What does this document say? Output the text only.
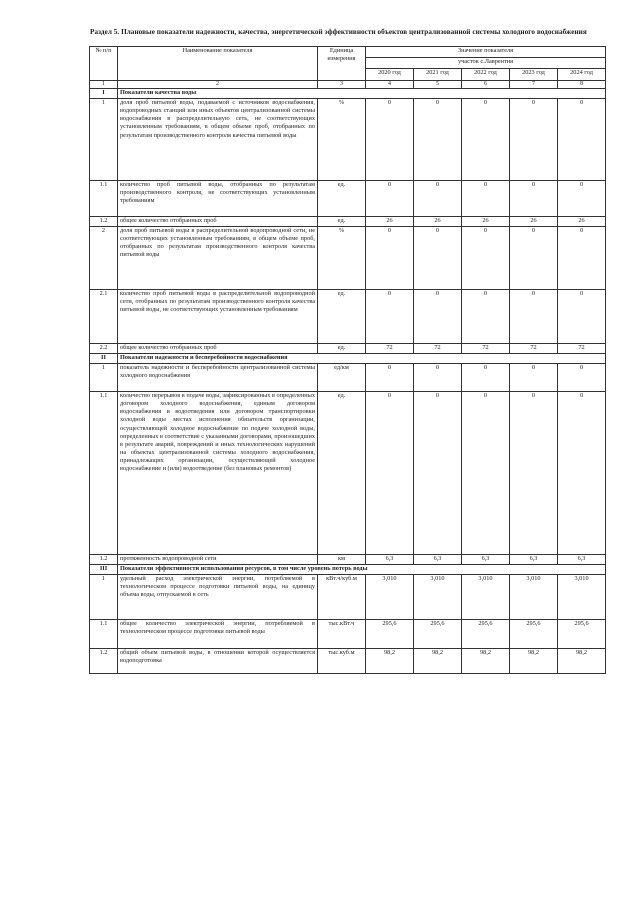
Раздел 5. Плановые показатели надежности, качества, энергетической эффективности объектов централизованной системы холодного водоснабжения
№ п/п	Наименование показателя	Единица измерения	Значение показателя				
			участок с.Лаврентия				
			2020 год	2021 год	2022 год	2023 год	2024 год
1	2	3	4	5	6	7	8
I	Показатели качества воды						
1	доля проб питьевой воды, подаваемой с источников водоснабжения, водопроводных станций или иных объектов централизованной системы водоснабжения в распределительную сеть, не соответствующих установленным требованиям, в общем объеме проб, отобранных по результатам производственного контроля качества питьевой воды	%	0	0	0	0	0
1.1	количество проб питьевой воды, отобранных по результатам производственного контроля, не соответствующих установленным требованиям	ед.	0	0	0	0	0
1.2	общее количество отобранных проб	ед.	26	26	26	26	26
2	доля проб питьевой воды в распределительной водопроводной сети, не соответствующих установленным требованиям, в общем объеме проб, отобранных по результатам производственного контроля качества питьевой воды	%	0	0	0	0	0
2.1	количество проб питьевой воды в распределительной водопроводной сети, отобранных по результатам производственного контроля качества питьевой воды, не соответствующих установленным требованиям	ед.	0	0	0	0	0
2.2	общее количество отобранных проб	ед.	72	72	72	72	72
II	Показатели надежности и бесперебойности водоснабжения						
1	показатель надежности и бесперебойности централизованной системы холодного водоснабжения	ед/км	0	0	0	0	0
1.1	количество перерывов в подаче воды, зафиксированных в определенных договором холодного водоснабжения, единым договором водоснабжения и водоотведения или договором транспортировки холодной воды местах исполнения обязательств организации, осуществляющей холодное водоснабжение по подаче холодной воды, определенных в соответствие с указанными договорами, произошедших в результате аварий, повреждений и иных технологических нарушений на объектах централизованной системы холодного водоснабжения, принадлежащих организации, осуществляющей холодное водоснабжение и (или) водоотведение (без плановых ремонтов)	ед.	0	0	0	0	0
1.2	протяженность водопроводной сети	км	6,3	6,3	6,3	6,3	6,3
III	Показатели эффективности использования ресурсов, в том числе уровень потерь воды						
1	удельный расход электрической энергии, потребляемой в технологическом процессе подготовки питьевой воды, на единицу объема воды, отпускаемой в сеть	кВт.ч/куб.м	3,010	3,010	3,010	3,010	3,010
1.1	общее количество электрической энергии, потребляемой в технологическом процессе подготовки питьевой воды	тыс.кВт.ч	295,6	295,6	295,6	295,6	295,6
1.2	общий объем питьевой воды, в отношении которой осуществляется водоподготовка	тыс.куб.м	98,2	98,2	98,2	98,2	98,2
